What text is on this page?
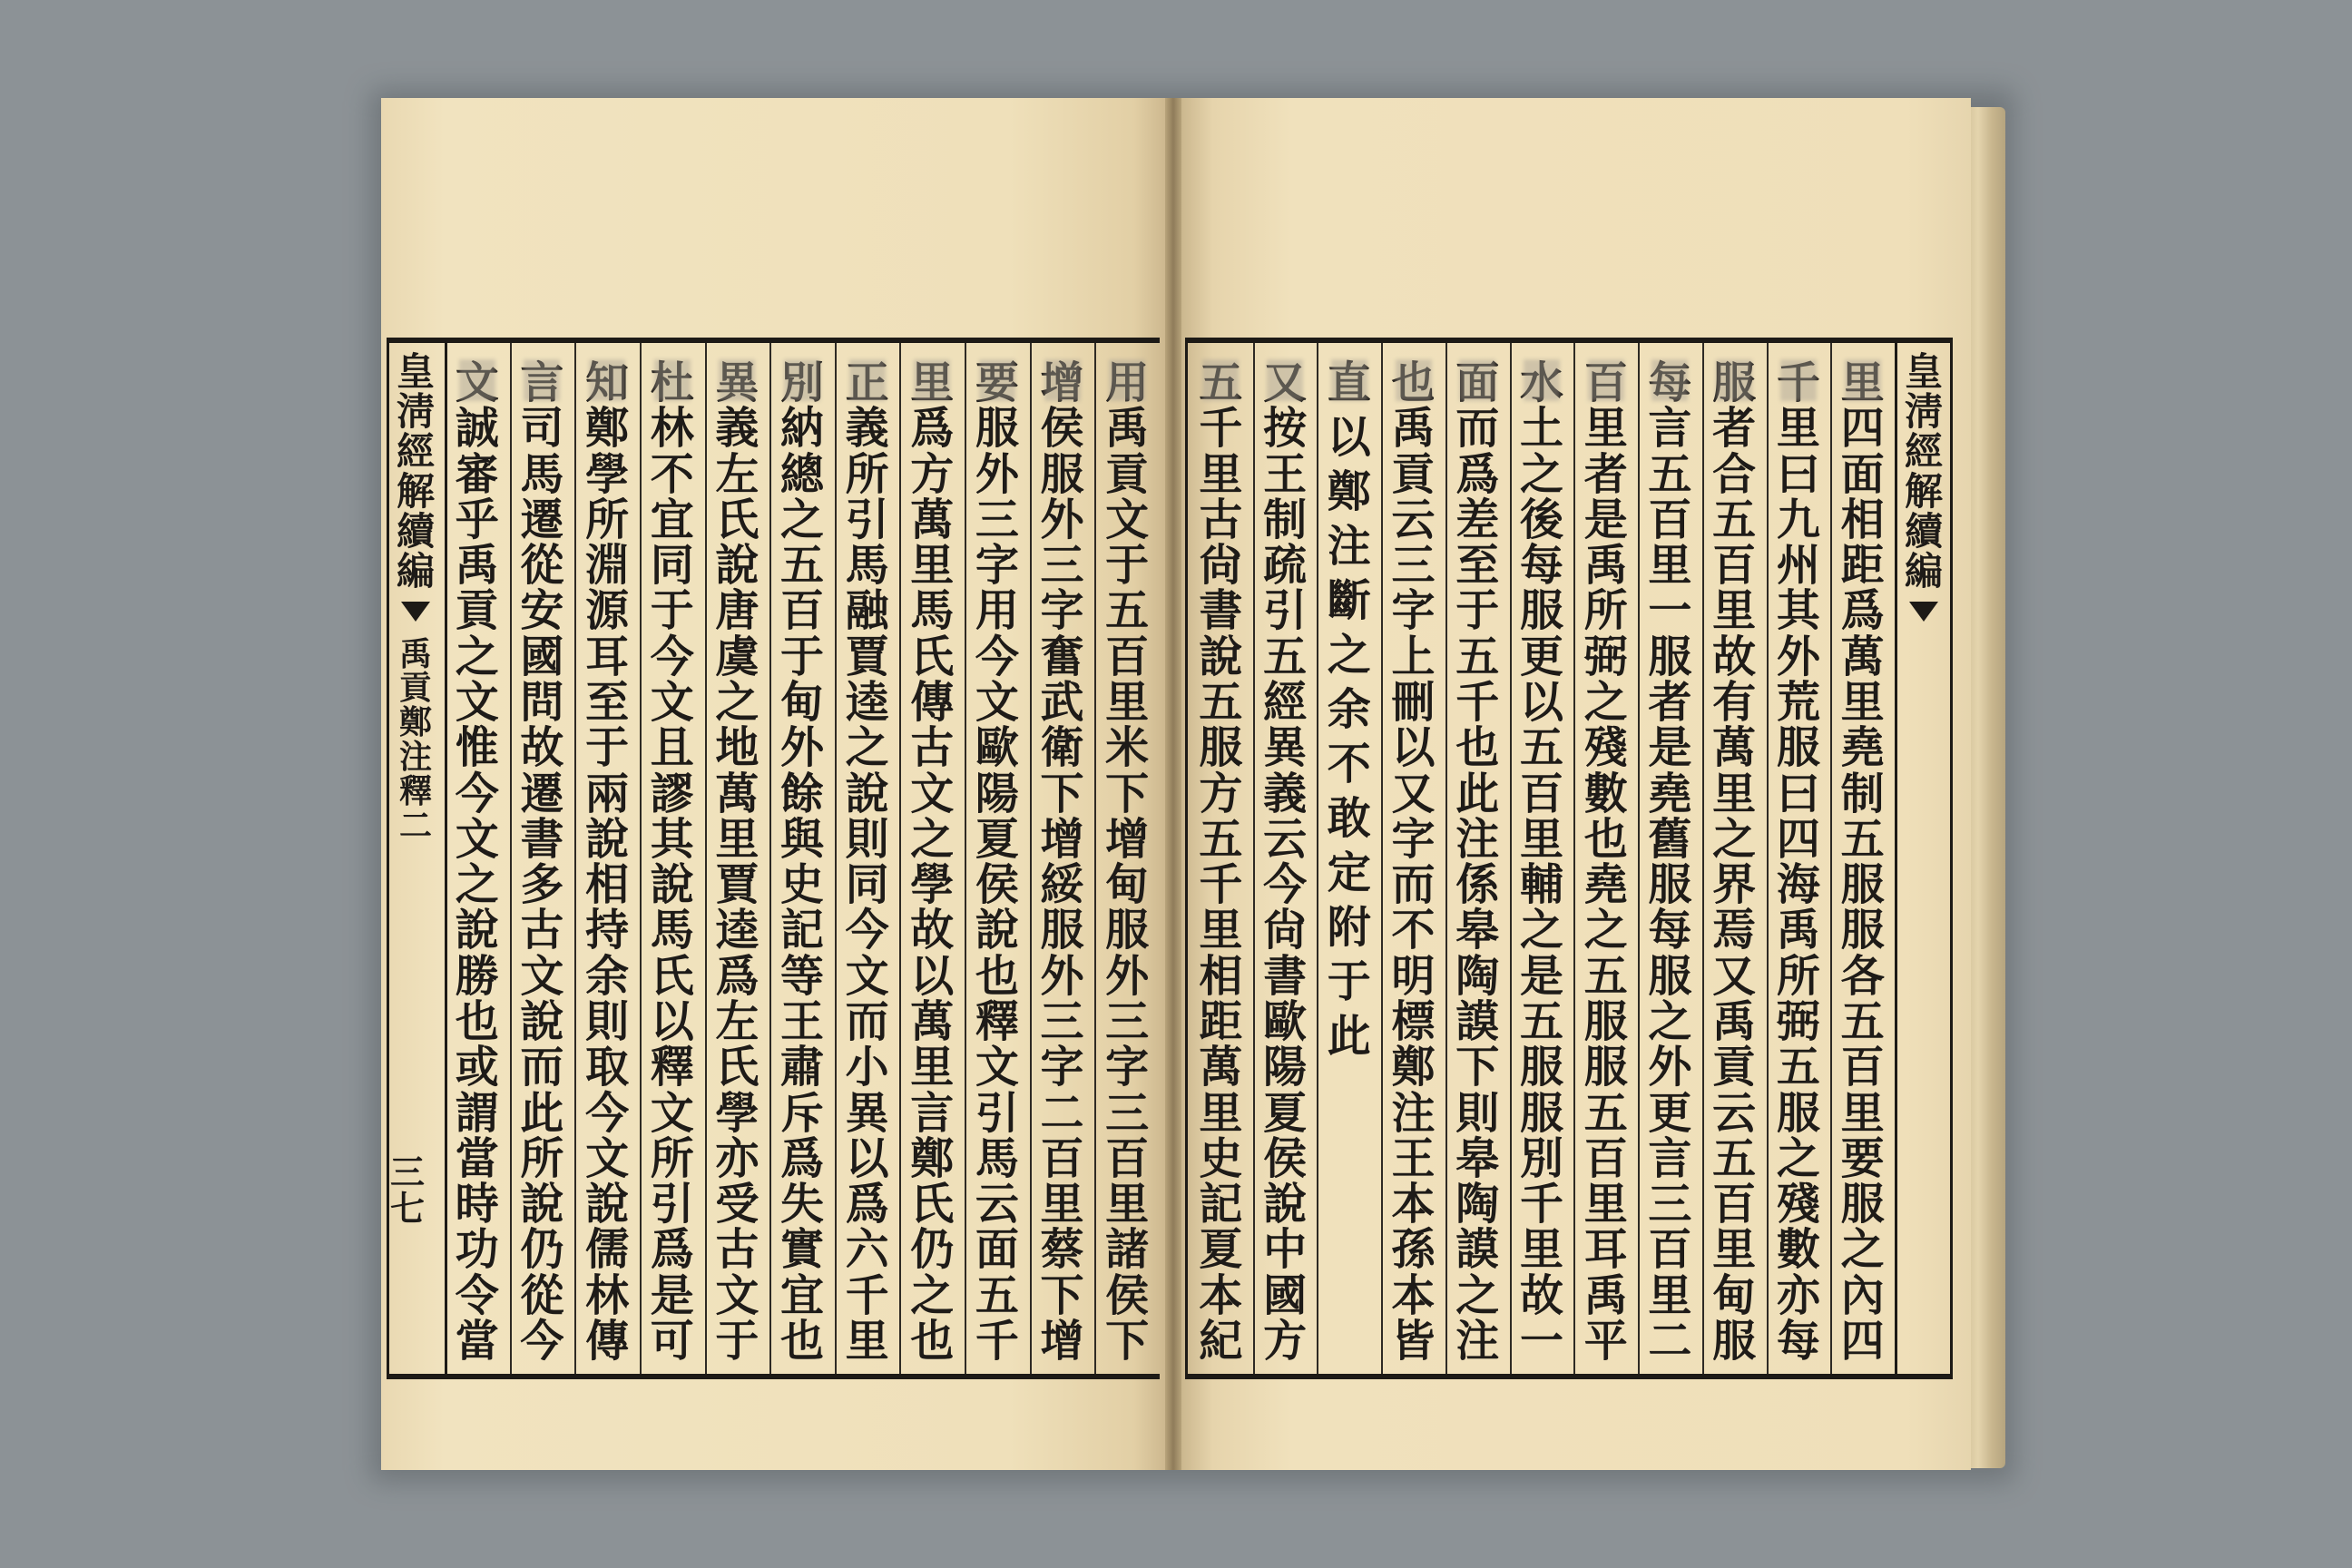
皇
淸
經
解
續
編
禹
貢
鄭
注
釋
二
三七
用
禹
貢
文
于
五
百
里
米
下
增
甸
服
外
三
字
三
百
里
諸
侯
下
增
侯
服
外
三
字
奮
武
衛
下
增
綏
服
外
三
字
二
百
里
蔡
下
增
要
服
外
三
字
用
今
文
歐
陽
夏
侯
說
也
釋
文
引
馬
云
面
五
千
里
爲
方
萬
里
馬
氏
傳
古
文
之
學
故
以
萬
里
言
鄭
氏
仍
之
也
正
義
所
引
馬
融
賈
逵
之
說
則
同
今
文
而
小
異
以
爲
六
千
里
別
納
總
之
五
百
于
甸
外
餘
與
史
記
等
王
肅
斥
爲
失
實
宜
也
異
義
左
氏
說
唐
虞
之
地
萬
里
賈
逵
爲
左
氏
學
亦
受
古
文
于
杜
林
不
宜
同
于
今
文
且
謬
其
說
馬
氏
以
釋
文
所
引
爲
是
可
知
鄭
學
所
淵
源
耳
至
于
兩
說
相
持
余
則
取
今
文
說
儒
林
傳
言
司
馬
遷
從
安
國
問
故
遷
書
多
古
文
說
而
此
所
說
仍
從
今
文
誠
審
乎
禹
貢
之
文
惟
今
文
之
說
勝
也
或
謂
當
時
功
令
當
皇
淸
經
解
續
編
里
四
面
相
距
爲
萬
里
堯
制
五
服
服
各
五
百
里
要
服
之
內
四
千
里
曰
九
州
其
外
荒
服
曰
四
海
禹
所
弼
五
服
之
殘
數
亦
每
服
者
合
五
百
里
故
有
萬
里
之
界
焉
又
禹
貢
云
五
百
里
甸
服
每
言
五
百
里
一
服
者
是
堯
舊
服
每
服
之
外
更
言
三
百
里
二
百
里
者
是
禹
所
弼
之
殘
數
也
堯
之
五
服
服
五
百
里
耳
禹
平
水
土
之
後
每
服
更
以
五
百
里
輔
之
是
五
服
服
別
千
里
故
一
面
而
爲
差
至
于
五
千
也
此
注
係
皋
陶
謨
下
則
皋
陶
謨
之
注
也
禹
貢
云
三
字
上
刪
以
又
字
而
不
明
標
鄭
注
王
本
孫
本
皆
直
以
鄭
注
斷
之
余
不
敢
定
附
于
此
又
按
王
制
疏
引
五
經
異
義
云
今
尙
書
歐
陽
夏
侯
說
中
國
方
五
千
里
古
尙
書
說
五
服
方
五
千
里
相
距
萬
里
史
記
夏
本
紀
